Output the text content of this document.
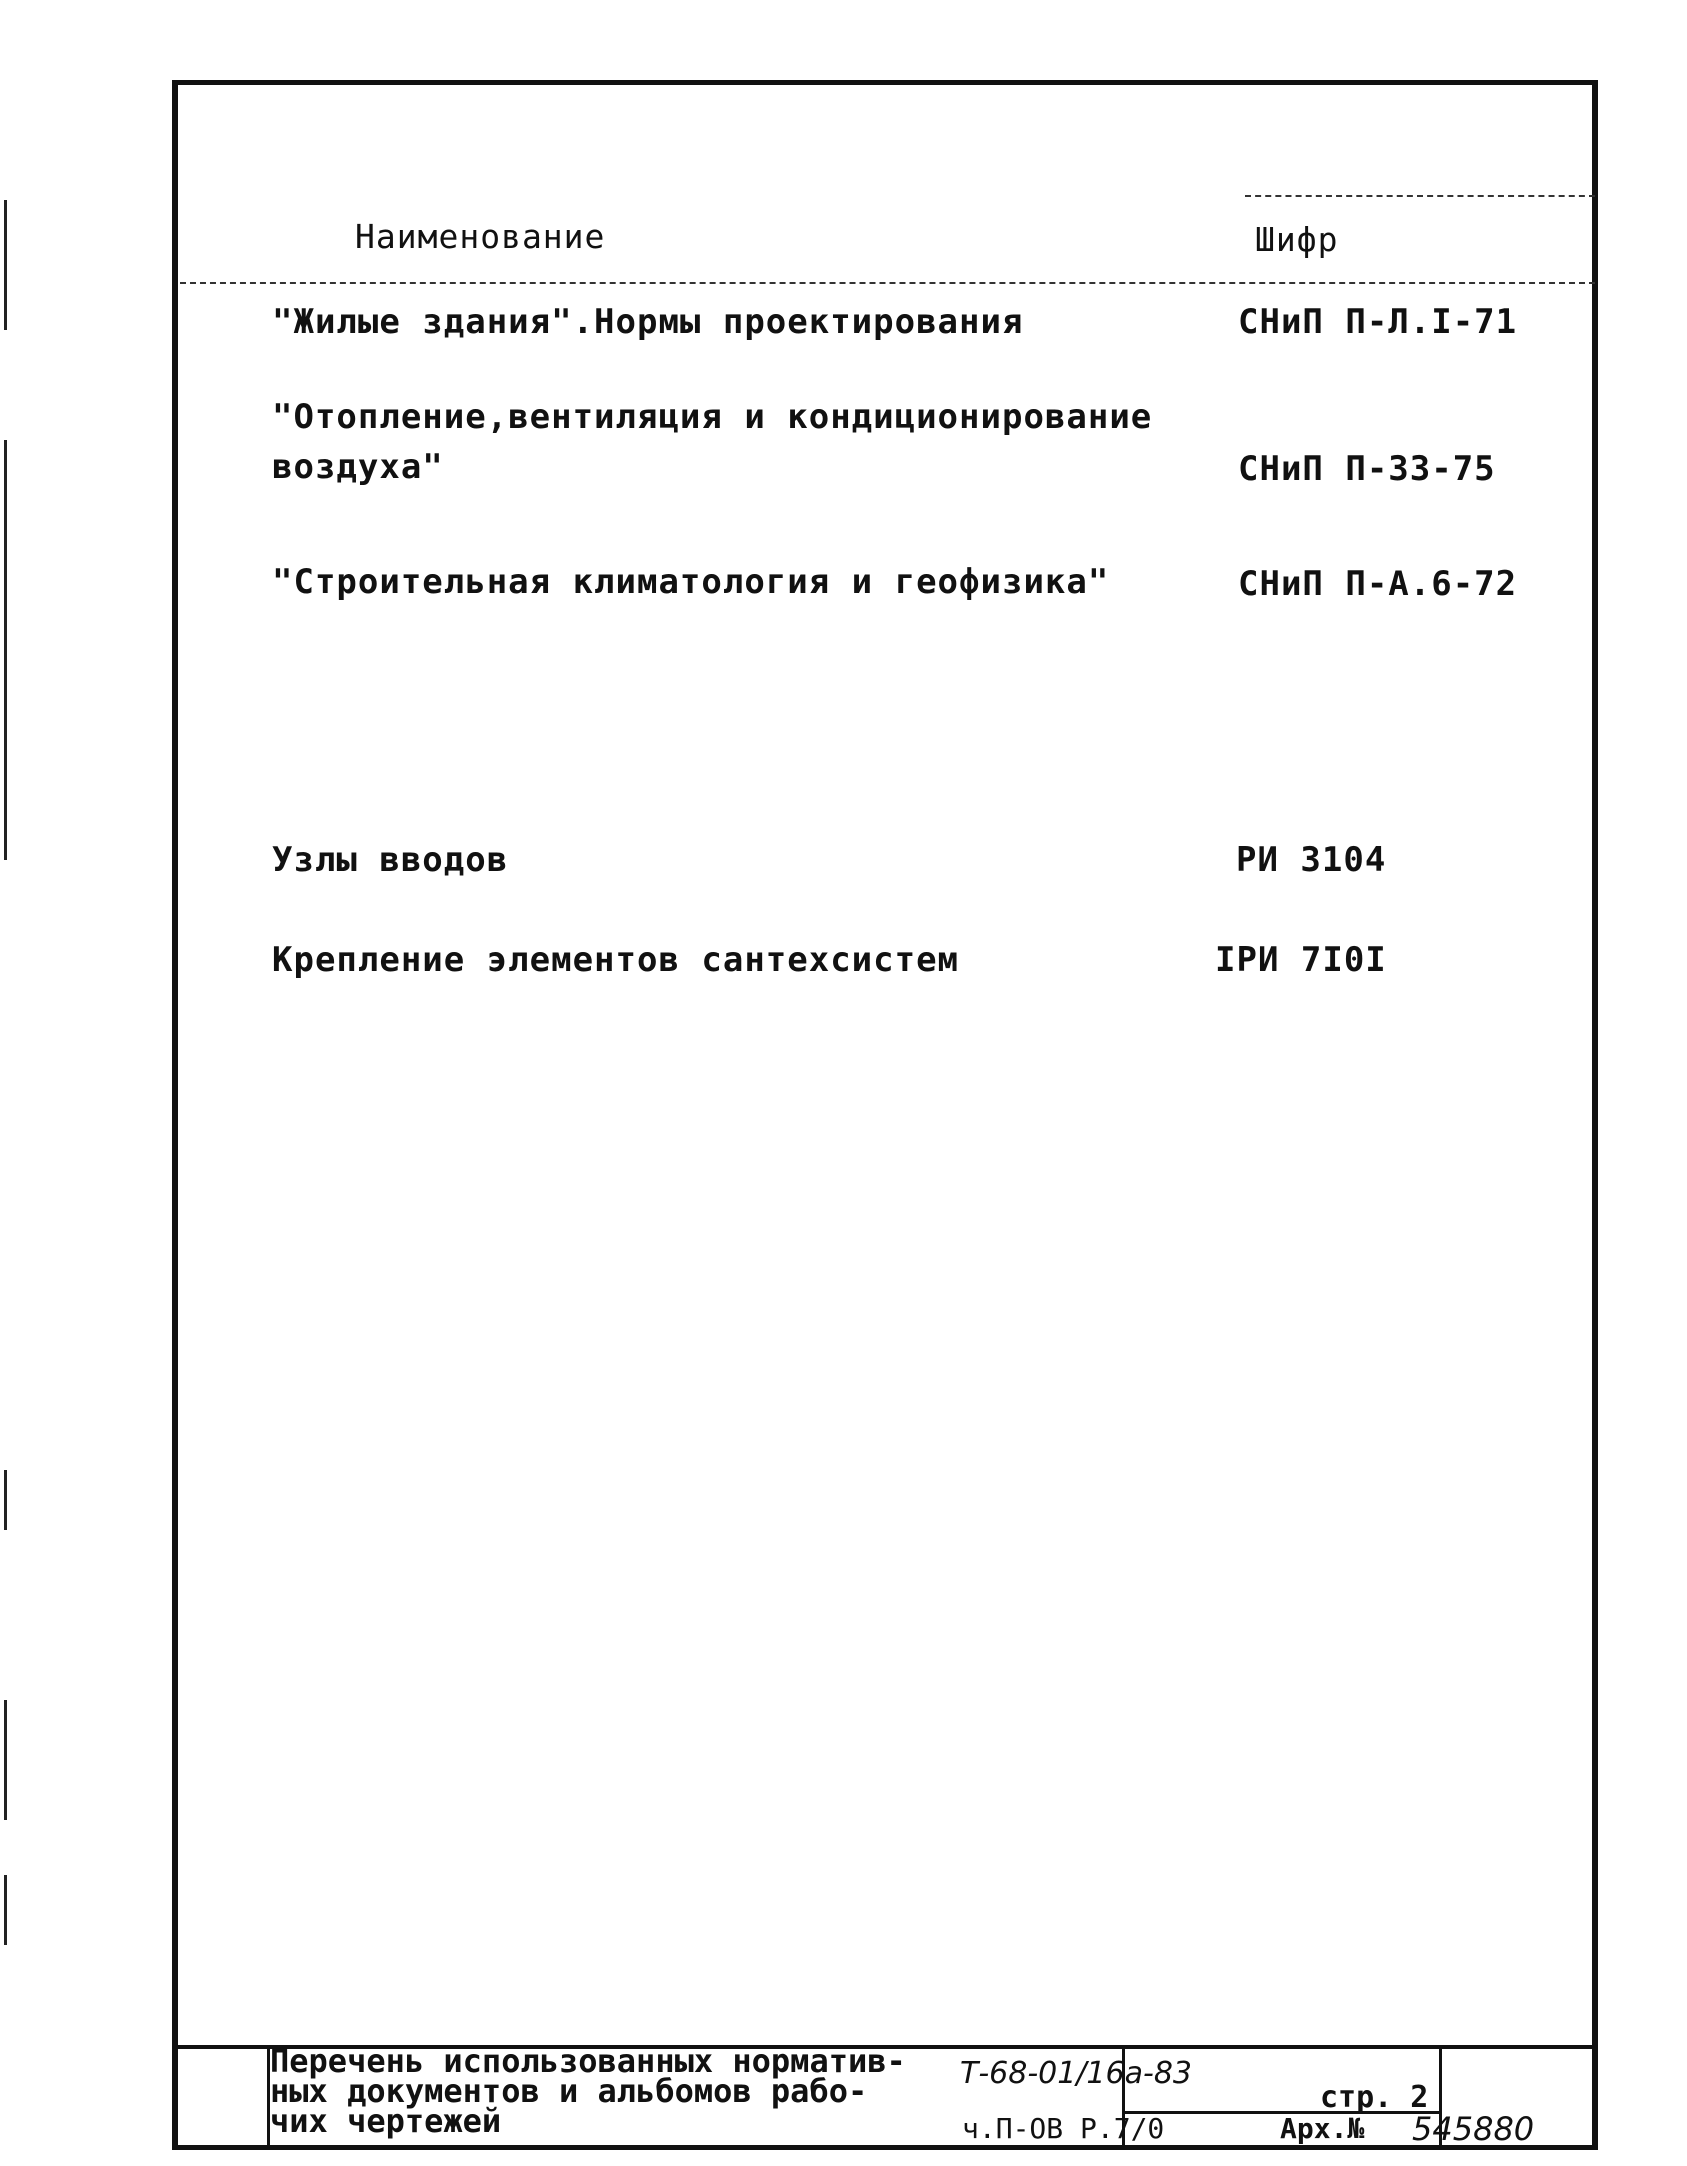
Наименование	Шифр
"Жилые здания".Нормы проектирования	СНиП П-Л.I-71
"Отопление,вентиляция и кондиционирование
воздуха"	СНиП П-33-75
"Строительная климатология и геофизика"	СНиП П-А.6-72
Узлы вводов	РИ 3104
Крепление элементов сантехсистем	IРИ 7I0I
Перечень использованных норматив-
ных документов и альбомов рабо-
чих чертежей
Т-68-01/16а-83
ч.П-ОВ Р.7/0
стр. 2
Арх.№ 545880
